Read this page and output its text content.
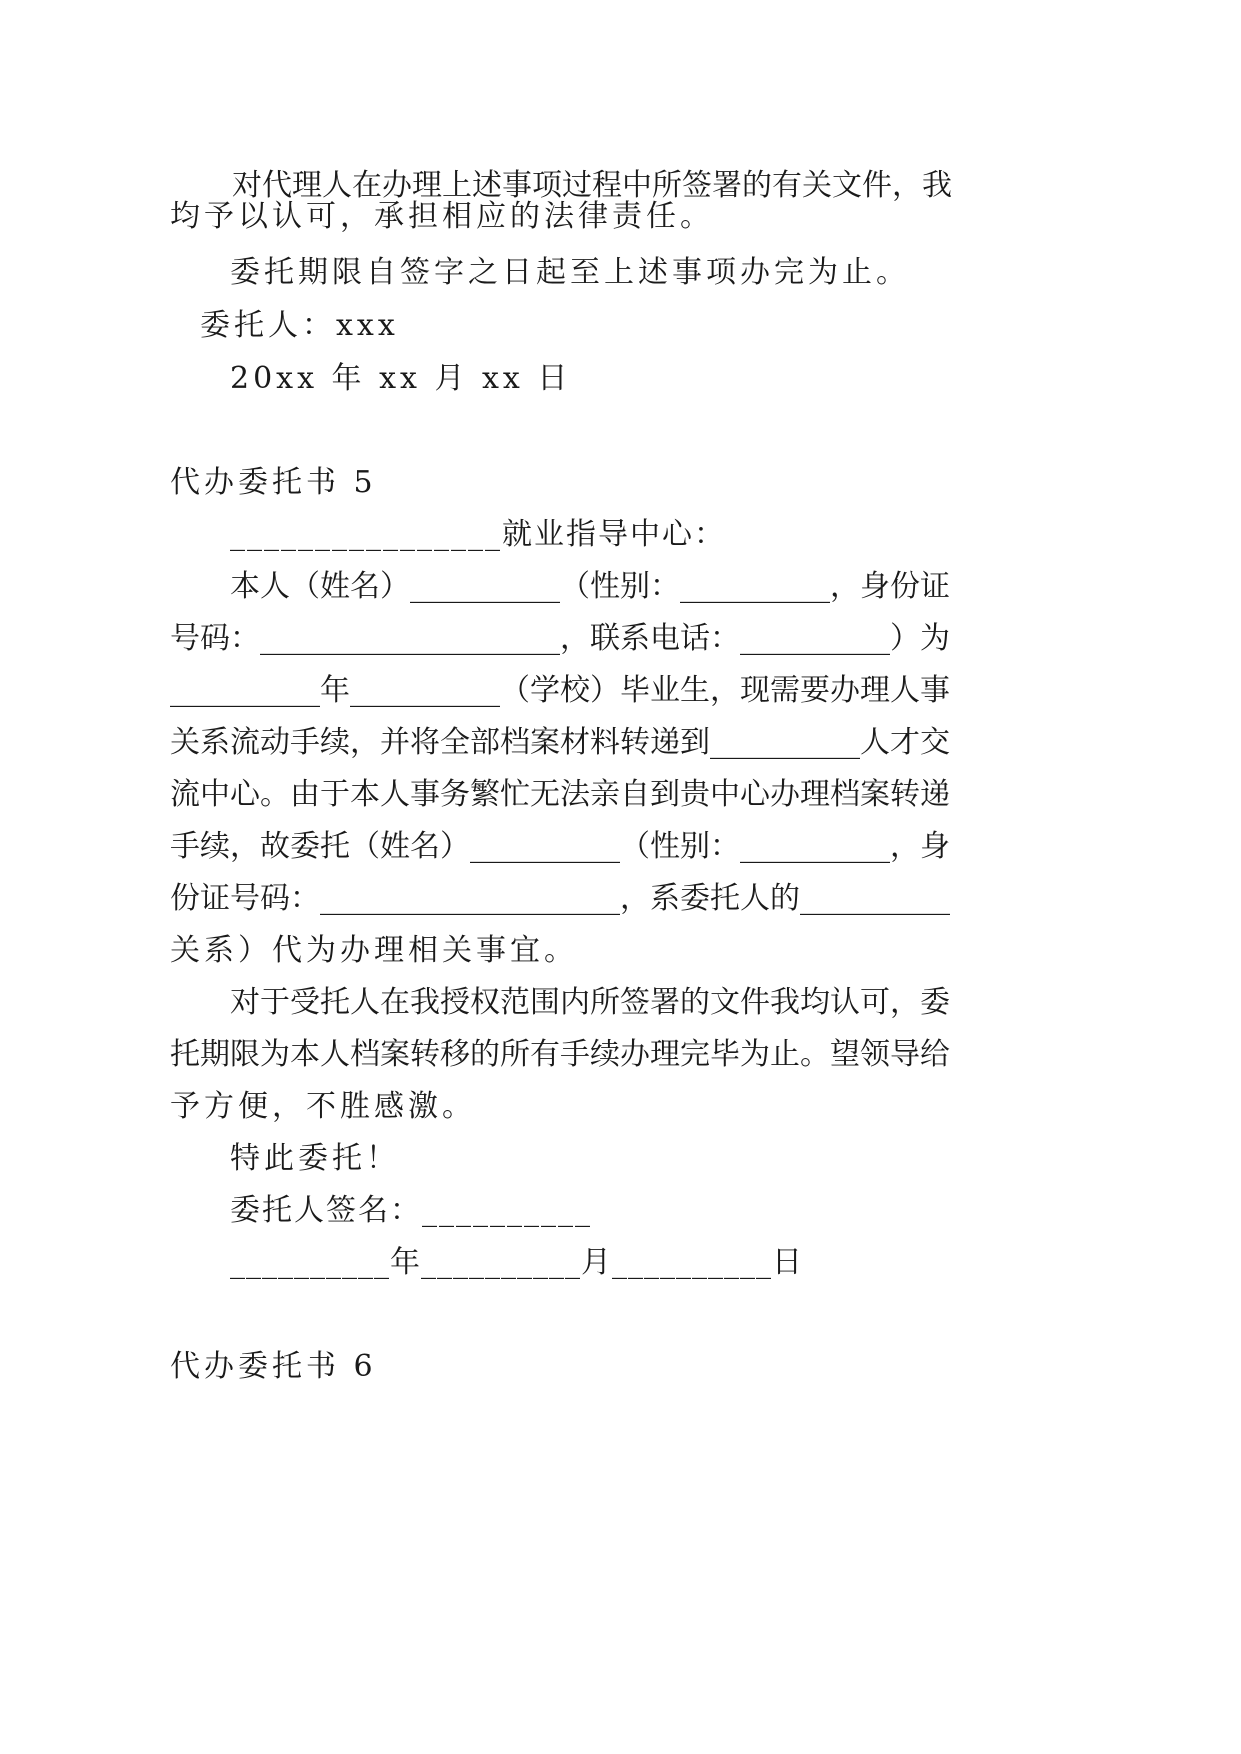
对代理人在办理上述事项过程中所签署的有关文件，我
均予以认可，承担相应的法律责任。
委托期限自签字之日起至上述事项办完为止。
委托人：xxx
20xx 年 xx 月 xx 日
代办委托书 5
________________就业指导中心：
本人（姓名）__________（性别：__________，身份证
号码：____________________，联系电话：__________）为
__________年__________（学校）毕业生，现需要办理人事
关系流动手续，并将全部档案材料转递到__________人才交
流中心。由于本人事务繁忙无法亲自到贵中心办理档案转递
手续，故委托（姓名）__________（性别：__________，身
份证号码：____________________，系委托人的__________
关系）代为办理相关事宜。
对于受托人在我授权范围内所签署的文件我均认可，委
托期限为本人档案转移的所有手续办理完毕为止。望领导给
予方便，不胜感激。
特此委托！
委托人签名：__________
__________年__________月__________日
代办委托书 6
